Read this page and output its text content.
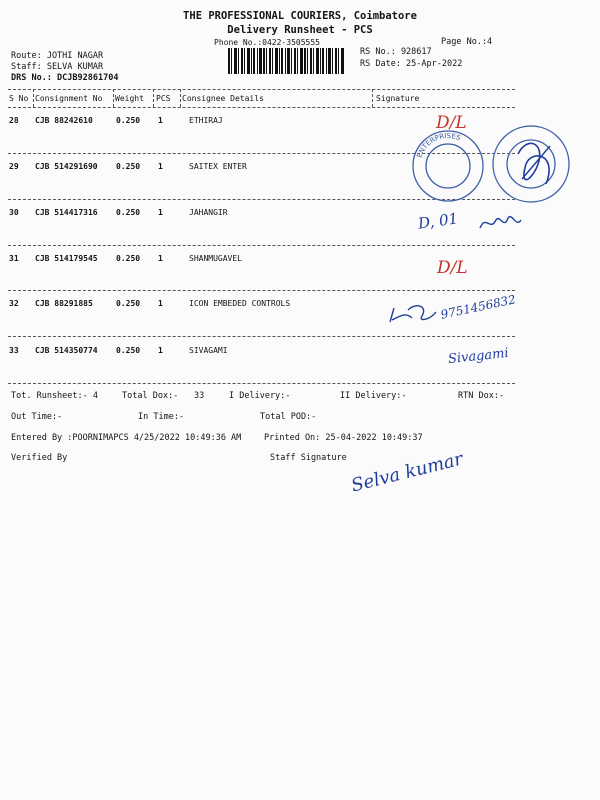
THE PROFESSIONAL COURIERS, Coimbatore
Delivery Runsheet - PCS
Phone No.:0422-3505555	Page No.:4
Route: JOTHI NAGAR
Staff: SELVA KUMAR
DRS No.: DCJB92861704
RS No.: 928617
RS Date: 25-Apr-2022
S No Consignment No Weight PCS Consignee Details	Signature
28 CJB 88242610	0.250 1	ETHIRAJ
29 CJB 514291690 0.250 1	SAITEX ENTER
30 CJB 514417316 0.250 1	JAHANGIR
31 CJB 514179545 0.250 1	SHANMUGAVEL
32 CJB 88291885	0.250 1	ICON EMBEDED CONTROLS
33 CJB 514350774 0.250 1	SIVAGAMI
D/L
ENTERPRISES
D, 01
D/L
9751456832
Sivagami
Tot. Runsheet:- 4	Total Dox:- 33	I Delivery:-	II Delivery:-	RTN Dox:-
Out Time:-	In Time:-	Total POD:-
Entered By :POORNIMAPCS 4/25/2022 10:49:36 AM	Printed On: 25-04-2022 10:49:37
Verified By	Staff Signature Selva kumar
